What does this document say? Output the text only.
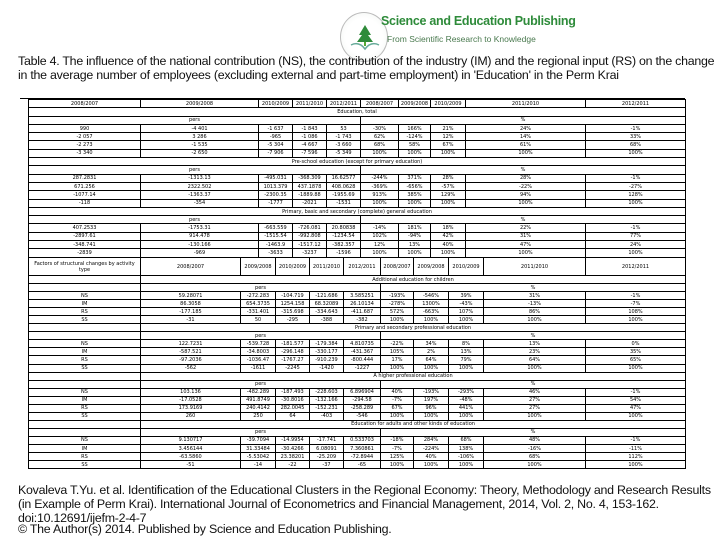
Science and Education Publishing
From Scientific Research to Knowledge
Table 4. The influence of the national contribution (NS), the contribution of the industry (IM) and the regional input (RS) on the change in the average number of employees (excluding external and part-time employment) in 'Education' in the Perm Krai
2008/2007	2009/2008	2010/2009	2011/2010	2012/2011	2008/2007	2009/2008	2010/2009	2011/2010	2012/2011
Education, total									
pers					%				
990	-4 401	-1 637	-1 843	53	-30%	166%	21%	24%	-1%
-2 057	3 286	-965	-1 086	-1 743	62%	-124%	12%	14%	33%
-2 273	-1 535	-5 304	-4 667	-3 660	68%	58%	67%	61%	68%
-3 340	-2 650	-7 906	-7 596	-5 349	100%	100%	100%	100%	100%
Pre-school education (except for primary education)									
pers					%				
287.2831	-1313.13	-495.031	-368.309	16.62577	-244%	371%	28%	28%	-1%
671.256	2322.502	1013.379	437.1878	408.0628	-369%	-656%	-57%	-22%	-27%
-1077.14	-1363.37	-2300.35	-1889.88	-1955.69	913%	385%	129%	94%	128%
-118	-354	-1777	-2021	-1531	100%	100%	100%	100%	100%
Primary, basic and secondary (complete) general education									
pers					%				
407.2533	-1753.31	-663.559	-726.081	20.80838	-14%	181%	18%	22%	-1%
-2897.61	914.478	-1515.54	-992.808	-1234.54	102%	-94%	42%	31%	77%
-348.741	-130.166	-1463.9	-1517.12	-382.357	12%	13%	40%	47%	24%
-2839	-969	-3633	-3237	-1596	100%	100%	100%	100%	100%
Factors of structural changes by activity type	2008/2007	2009/2008	2010/2009	2011/2010	2012/2011	2008/2007	2009/2008	2010/2009	2011/2010	2012/2011
	Additional education for children									
	pers					%				
NS	59.28071	-272.283	-104.719	-121.686	3.585251	-193%	-546%	39%	31%	-1%
IM	86.3058	654.3735	1254.158	68.32089	26.10134	-278%	1300%	-43%	-13%	-7%
RS	-177.185	-331.401	-315.698	-334.643	-411.687	572%	-663%	107%	86%	108%
SS	-31	50	-295	-388	-382	100%	100%	100%	100%	100%
	Primary and secondary professional education									
	pers					%				
NS	122.7231	-539.728	-181.577	-179.384	4.810735	-22%	34%	8%	13%	0%
IM	-587.521	-34.8003	-296.148	-330.177	-431.367	105%	2%	13%	23%	35%
RS	-97.2036	-1036.47	-1767.27	-910.239	-800.444	17%	64%	79%	64%	65%
SS	-562	-1611	-2245	-1420	-1227	100%	100%	100%	100%	100%
	A higher professional education									
	pers					%				
NS	103.136	-482.289	-187.493	-228.603	6.896904	40%	-193%	-293%	46%	-1%
IM	-17.0528	491.8749	-30.8016	-132.166	-294.58	-7%	197%	-48%	27%	54%
RS	173.9169	240.4142	282.0045	-152.231	-258.289	67%	96%	441%	27%	47%
SS	260	250	64	-403	-546	100%	100%	100%	100%	100%
	Education for adults and other kinds of education									
	pers					%				
NS	9.130717	-39.7094	-14.9954	-17.741	0.533703	-18%	284%	68%	48%	-1%
IM	3.456144	31.33484	-30.4266	6.08091	7.360861	-7%	-224%	138%	-16%	-11%
RS	-63.5860	-5.53042	23.38201	-25.209	-72.8944	125%	40%	-106%	68%	112%
SS	-51	-14	-22	-37	-65	100%	100%	100%	100%	100%
Kovaleva T.Yu. et al. Identification of the Educational Clusters in the Regional Economy: Theory, Methodology and Research Results (in Example of Perm Krai). International Journal of Econometrics and Financial Management, 2014, Vol. 2, No. 4, 153-162. doi:10.12691/ijefm-2-4-7
© The Author(s) 2014. Published by Science and Education Publishing.
